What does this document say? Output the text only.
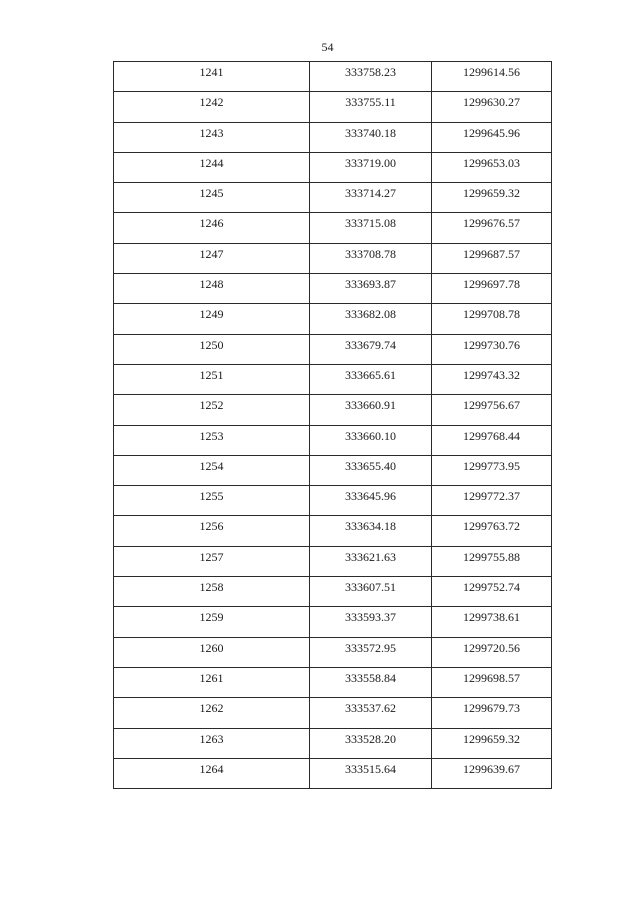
54
1241	333758.23	1299614.56

1242	333755.11	1299630.27

1243	333740.18	1299645.96

1244	333719.00	1299653.03

1245	333714.27	1299659.32

1246	333715.08	1299676.57

1247	333708.78	1299687.57

1248	333693.87	1299697.78

1249	333682.08	1299708.78

1250	333679.74	1299730.76

1251	333665.61	1299743.32

1252	333660.91	1299756.67

1253	333660.10	1299768.44

1254	333655.40	1299773.95

1255	333645.96	1299772.37

1256	333634.18	1299763.72

1257	333621.63	1299755.88

1258	333607.51	1299752.74

1259	333593.37	1299738.61

1260	333572.95	1299720.56

1261	333558.84	1299698.57

1262	333537.62	1299679.73

1263	333528.20	1299659.32

1264	333515.64	1299639.67
